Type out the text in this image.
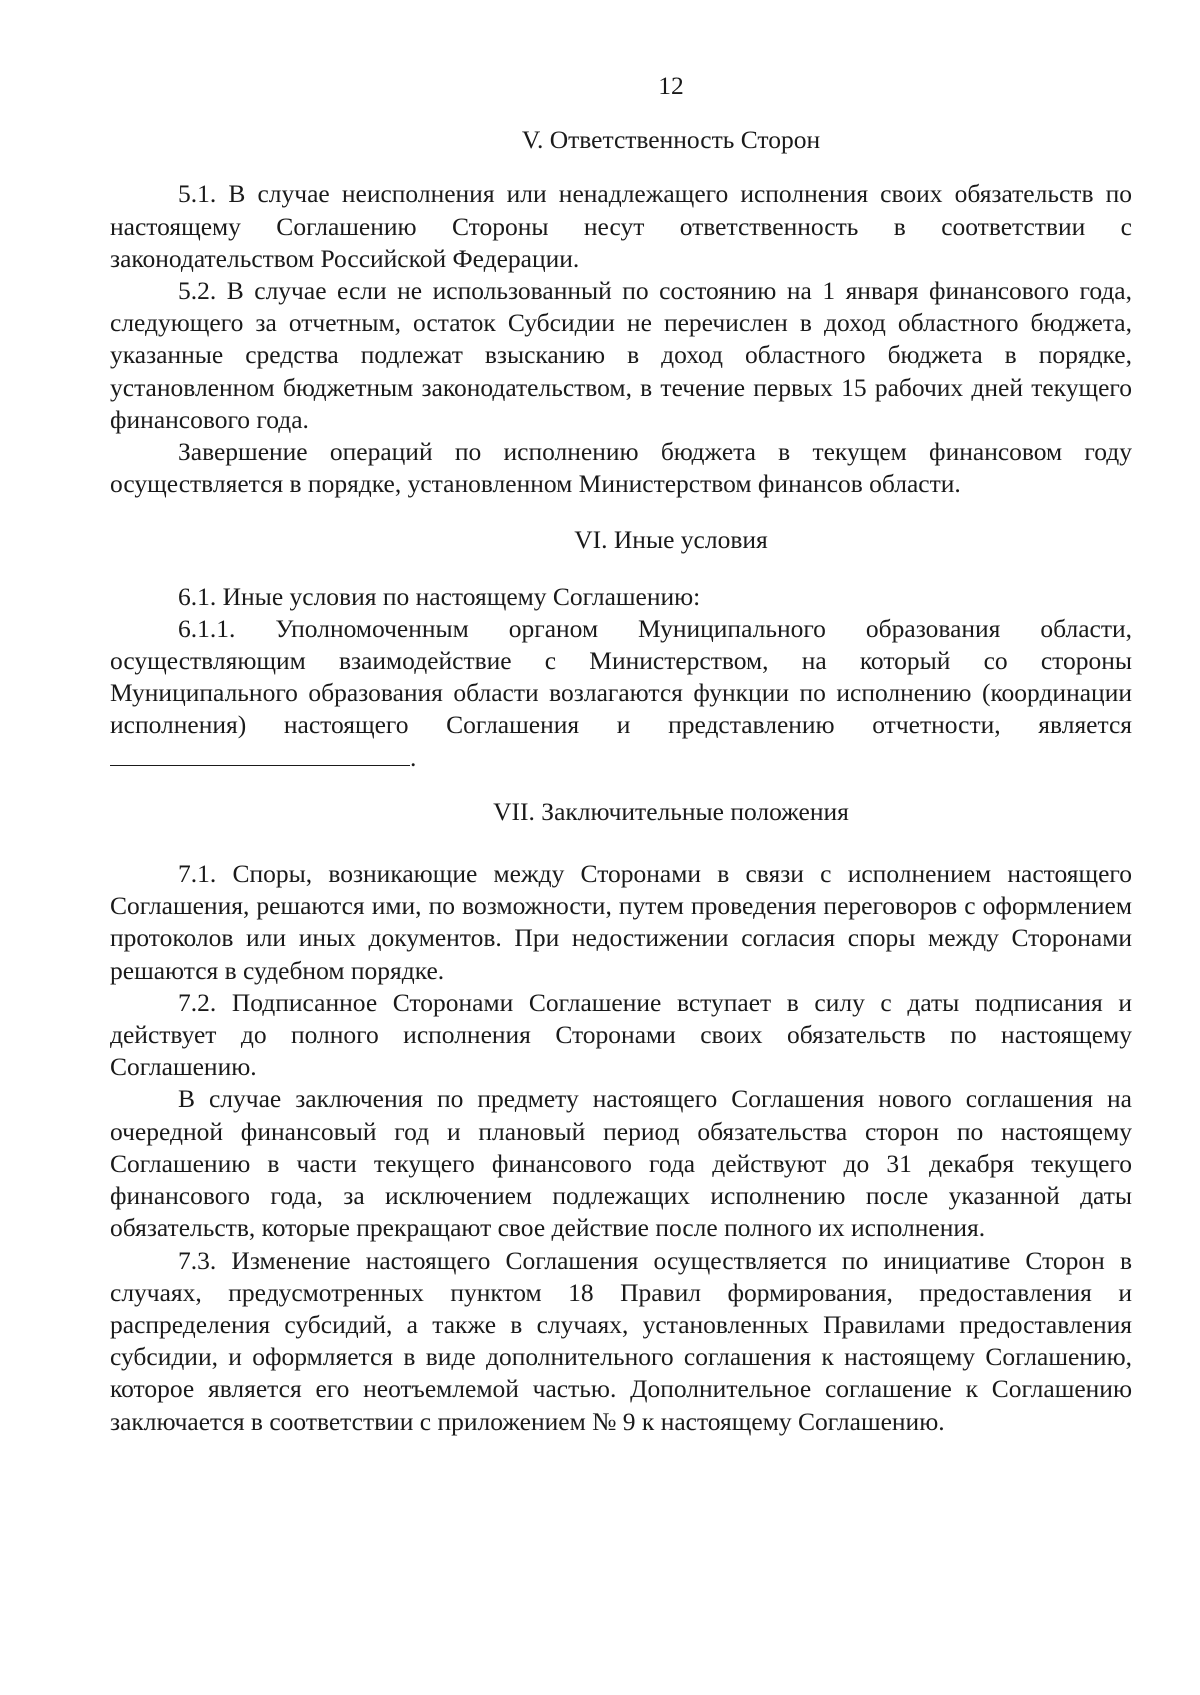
12
V. Ответственность Сторон

5.1. В случае неисполнения или ненадлежащего исполнения своих обязательств по настоящему Соглашению Стороны несут ответственность в соответствии с законодательством Российской Федерации.

5.2. В случае если не использованный по состоянию на 1 января финансового года, следующего за отчетным, остаток Субсидии не перечислен в доход областного бюджета, указанные средства подлежат взысканию в доход областного бюджета в порядке, установленном бюджетным законодательством, в течение первых 15 рабочих дней текущего финансового года.

Завершение операций по исполнению бюджета в текущем финансовом году осуществляется в порядке, установленном Министерством финансов области.

VI. Иные условия

6.1. Иные условия по настоящему Соглашению:

6.1.1. Уполномоченным органом Муниципального образования области, осуществляющим взаимодействие с Министерством, на который со стороны Муниципального образования области возлагаются функции по исполнению (координации исполнения) настоящего Соглашения и представлению отчетности, является .

VII. Заключительные положения

7.1. Споры, возникающие между Сторонами в связи с исполнением настоящего Соглашения, решаются ими, по возможности, путем проведения переговоров с оформлением протоколов или иных документов. При недостижении согласия споры между Сторонами решаются в судебном порядке.

7.2. Подписанное Сторонами Соглашение вступает в силу с даты подписания и действует до полного исполнения Сторонами своих обязательств по настоящему Соглашению.

В случае заключения по предмету настоящего Соглашения нового соглашения на очередной финансовый год и плановый период обязательства сторон по настоящему Соглашению в части текущего финансового года действуют до 31 декабря текущего финансового года, за исключением подлежащих исполнению после указанной даты обязательств, которые прекращают свое действие после полного их исполнения.

7.3. Изменение настоящего Соглашения осуществляется по инициативе Сторон в случаях, предусмотренных пунктом 18 Правил формирования, предоставления и распределения субсидий, а также в случаях, установленных Правилами предоставления субсидии, и оформляется в виде дополнительного соглашения к настоящему Соглашению, которое является его неотъемлемой частью. Дополнительное соглашение к Соглашению заключается в соответствии с приложением № 9 к настоящему Соглашению.
